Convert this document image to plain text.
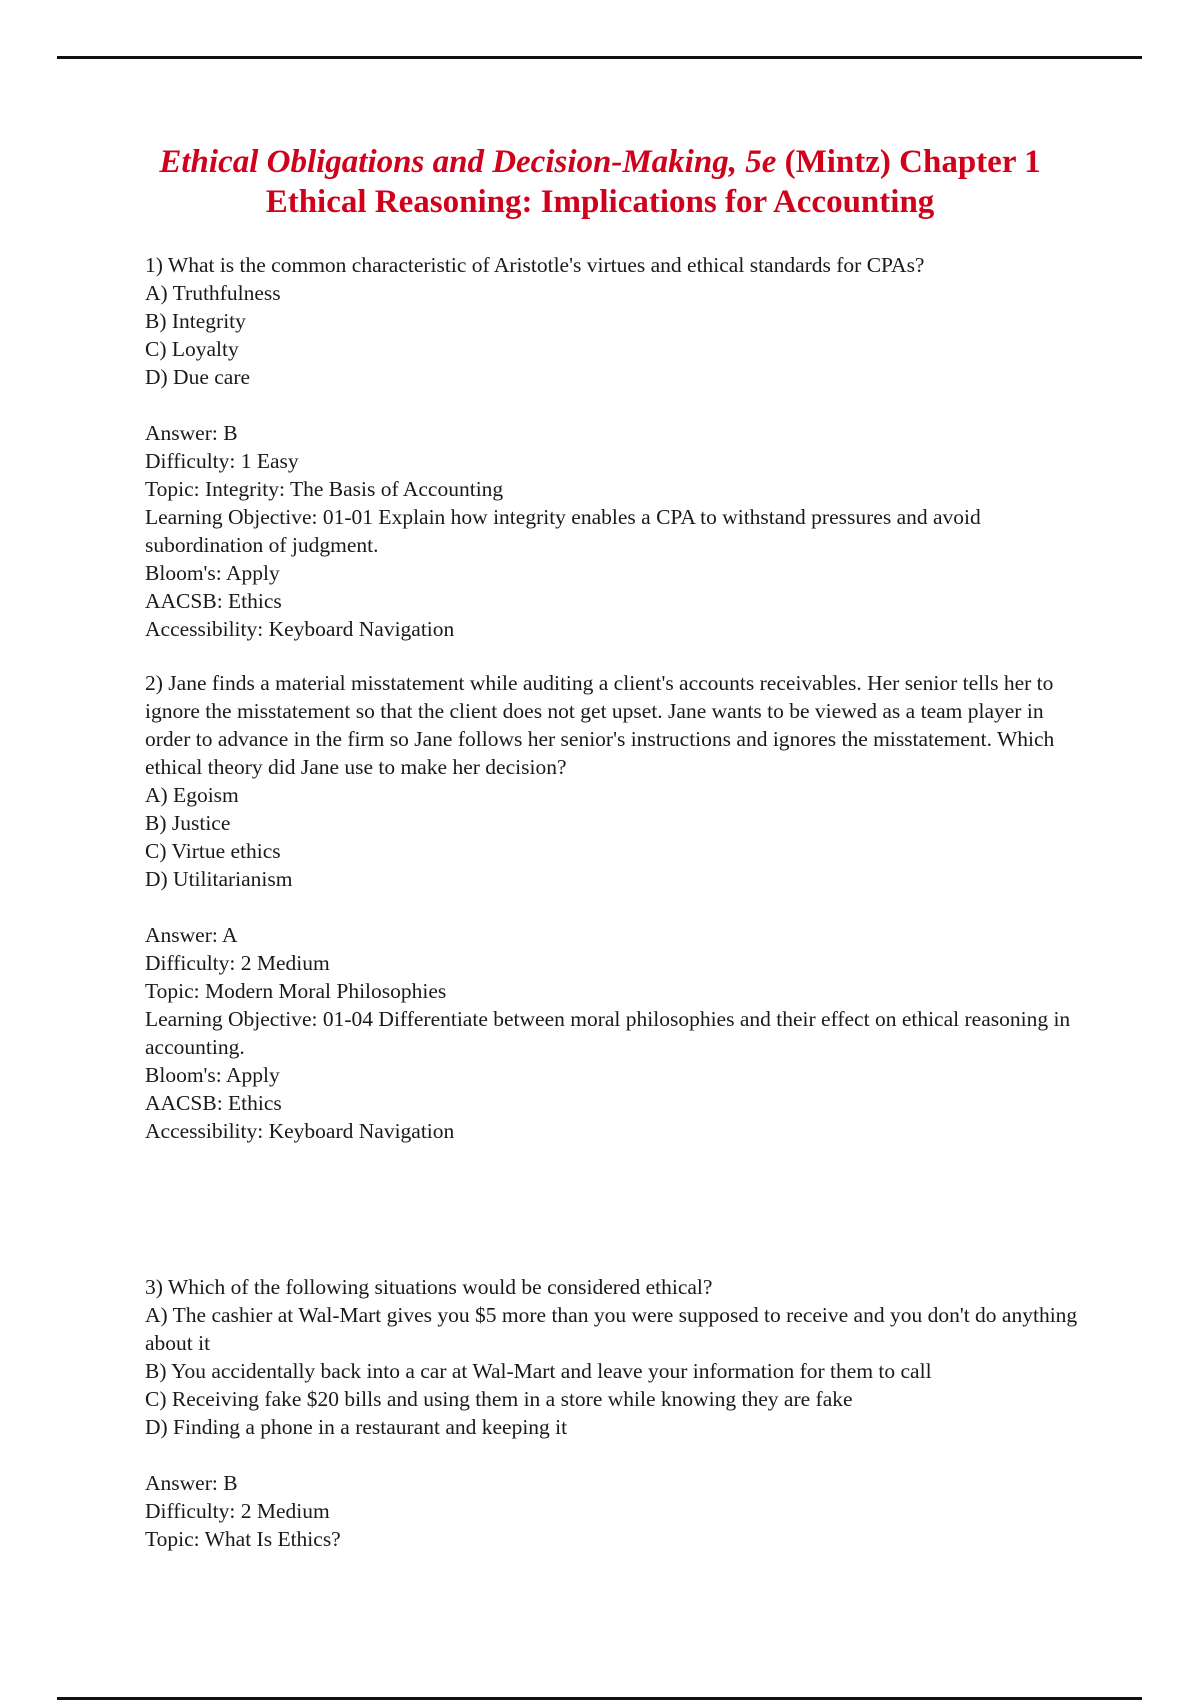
Ethical Obligations and Decision-Making, 5e (Mintz) Chapter 1
Ethical Reasoning: Implications for Accounting
1) What is the common characteristic of Aristotle's virtues and ethical standards for CPAs?
A) Truthfulness
B) Integrity
C) Loyalty
D) Due care
Answer: B
Difficulty: 1 Easy
Topic: Integrity: The Basis of Accounting
Learning Objective: 01-01 Explain how integrity enables a CPA to withstand pressures and avoid subordination of judgment.
Bloom's: Apply
AACSB: Ethics
Accessibility: Keyboard Navigation
2) Jane finds a material misstatement while auditing a client's accounts receivables. Her senior tells her to ignore the misstatement so that the client does not get upset. Jane wants to be viewed as a team player in order to advance in the firm so Jane follows her senior's instructions and ignores the misstatement. Which ethical theory did Jane use to make her decision?
A) Egoism
B) Justice
C) Virtue ethics
D) Utilitarianism
Answer: A
Difficulty: 2 Medium
Topic: Modern Moral Philosophies
Learning Objective: 01-04 Differentiate between moral philosophies and their effect on ethical reasoning in accounting.
Bloom's: Apply
AACSB: Ethics
Accessibility: Keyboard Navigation
3) Which of the following situations would be considered ethical?
A) The cashier at Wal-Mart gives you $5 more than you were supposed to receive and you don't do anything about it
B) You accidentally back into a car at Wal-Mart and leave your information for them to call
C) Receiving fake $20 bills and using them in a store while knowing they are fake
D) Finding a phone in a restaurant and keeping it
Answer: B
Difficulty: 2 Medium
Topic: What Is Ethics?
